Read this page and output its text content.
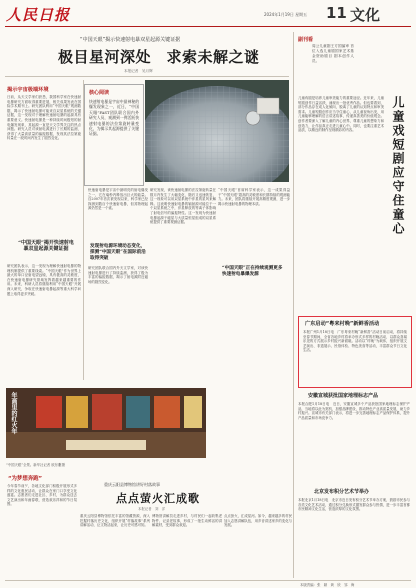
人民日报	2024年1月19日 星期五 11 文化
“中国天眼”揭示快速射电暴双星起源关键证据
极目星河深处　求索未解之谜
本报记者　吴月辉
揭示宇宙极端环境
日前，从天文学家们获悉，我国科学家在快速射电暴研究方面取得重要进展，相关成果发表在国际学术期刊上。研究团队利用“中国天眼”观测数据，揭示了快速射电暴可能来自双星系统的关键证据，这一发现对于理解快速射电暴的起源具有重要意义。快速射电暴是一种持续时间极短的射电爆发现象，其起源一直是天文学界关注的热点问题。研究人员对该射电源进行了长期的监测，获得了大量高质量的偏振数据，发现其法拉第旋转量在一段时间内发生了剧烈变化。
“中国天眼”揭开快速射电暴双星起源关键证据
研究团队表示，这一发现为理解快速射电暴的物理机制提供了重要线索。“中国天眼”作为世界上最大的单口径射电望远镜，具有极高的灵敏度，在快速射电暴研究领域发挥着越来越重要的作用。未来，科研人员将继续利用“中国天眼”开展深入研究，争取在快速射电暴起源等重大科学问题上取得更多突破。
核心阅读
快速射电暴是宇宙中最神秘的爆发现象之一，近日，“中国天眼”FAST团队联合国内外研究人员，观测到一例活跃快速射电暴的法拉第旋转量变化，为揭示其起源提供了关键证据。
快速射电暴是宇宙中最明亮的射电爆发之一，它在毫秒内释放出巨大的能量。自2007年首次被发现以来，科学家已经探测到数百个快速射电暴，但其物理起源仍然是一个谜。
发现射电源环境动态变化，探测“中国天眼”在国际前沿取得突破
研究团队联合国内外天文学家，对该快速射电暴进行了持续监测，获得了极为丰富的偏振数据，揭示了射电源附近磁场的剧烈变化。
研究发现，该快速射电暴的法拉第旋转量在数月内发生了大幅变化，随后又迅速恢复，这一现象可以用双星系统中伴星的星风来解释。这表明快速射电暴的辐射源可能位于一个双星系统之中，伴星释放的等离子体影响了射电信号的偏振特性。这一发现为快速射电暴起源于磁星与大质量恒星组成的双星系统提供了重要观测证据。
“中国天眼”首席科学家表示，这一成果得益于“中国天眼”超高的灵敏度和长期持续的观测能力。未来，团队将继续开展高精度观测，进一步揭示快速射电暴的物理本质。
“中国天眼”正在持续观测更多快速射电暴爆发源
副刊看
周公儿童剧王方国编审 首位入选儿童剧国家艺术基金资助剧目 剧本创作人员。
儿童戏短剧应守住童心
儿童戏剧是培养儿童审美能力的重要途径。近年来，儿童短剧创作日益活跃，涌现出一批优秀作品。但也要看到，部分作品存在成人化倾向，脱离了儿童的认知特点和审美需求。儿童短剧创作应当守住童心，从儿童视角出发，用儿童能够理解的语言讲述故事，传递真善美的价值观念。创作者要深入了解儿童的内心世界，尊重儿童的想象力和创造力，让作品真正走进儿童心中。同时，也要注重艺术品质，以精良的制作呈现精彩的内容。
广东启动“粤来村晚”新鲜香活动
本报广州1月18日电　广东粤来村晚“新鲜香”活动日前启动，将持续至春节期间，全省各地乡村将举办形式多样的村晚活动，以群众喜闻乐见的方式展示乡村振兴新面貌。活动以“村晚”为载体，组织开展文艺演出、非遗展示、民俗体验、特色美食等活动，丰富群众节日文化生活。
安徽宣城获批国家地理标志产品
本报合肥1月18日电　近日，安徽宣城多个产品获批国家地理标志保护产品，当地将以此为契机，加强品牌建设，推动特色产业高质量发展，助力乡村振兴。宣城市有关部门表示，将进一步完善地理标志产品保护体系，提升产品质量和市场竞争力。
北京发布积分艺术节举办
本报北京1月18日电　北京市近日发布积分艺术节举办方案，鼓励市民参与各类文化艺术活动，通过积分兑换形式激发群众参与热情，进一步丰富首都市民精神文化生活，营造浓厚的文化氛围。
年画里的红火年
“中国天眼”全景。新华社记者 欧东衢摄
“为梦想奔跑”
今年春节前夕，各地文化部门积极开展形式多样的文化惠民活动，让群众在家门口享受文化盛宴。志愿者们走进社区、乡村，为群众送去文艺演出和年画春联，营造欢乐祥和的节日氛围。
重庆云阳县博物馆讲好村落故事
点点萤火汇成歌
本报记者　刘　洋
重庆云阳县博物馆依托丰富的馆藏资源，深入挖掘村落历史文化，组织开展“村落故事”系列讲解活动，让文物活起来，让历史可感可知。
博物馆讲解员走进乡村，与村民们一起收集老物件、记录老故事，形成了一批生动鲜活的讲解素材，受到群众欢迎。
点点萤火，汇成星河。如今，越来越多的村民加入志愿讲解队伍，用乡音讲述家乡的变化与发展。
本版责编：张　颖　黄　欣　邹　海
